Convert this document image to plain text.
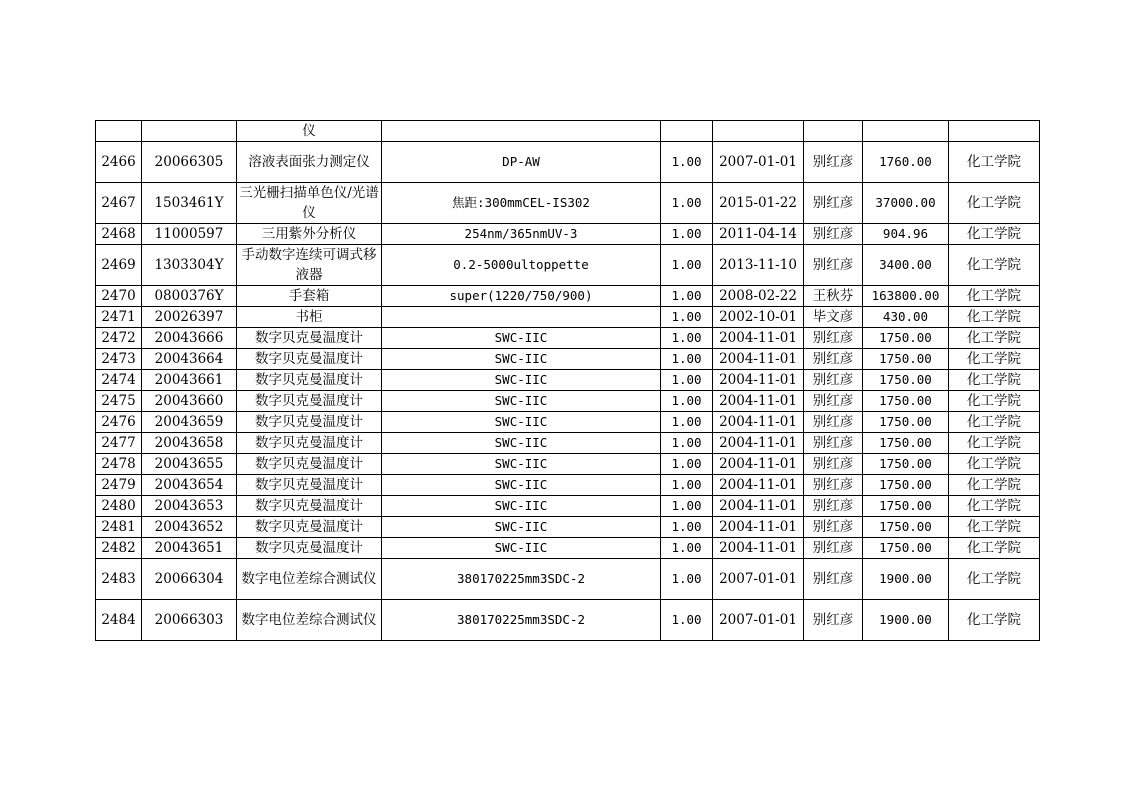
		仪						
2466	20066305	溶液表面张力测定仪	DP-AW	1.00	2007-01-01	别红彦	1760.00	化工学院
2467	1503461Y	三光栅扫描单色仪/光谱仪	焦距:300mmCEL-IS302	1.00	2015-01-22	别红彦	37000.00	化工学院
2468	11000597	三用紫外分析仪	254nm/365nmUV-3	1.00	2011-04-14	别红彦	904.96	化工学院
2469	1303304Y	手动数字连续可调式移液器	0.2-5000ultoppette	1.00	2013-11-10	别红彦	3400.00	化工学院
2470	0800376Y	手套箱	super(1220/750/900)	1.00	2008-02-22	王秋芬	163800.00	化工学院
2471	20026397	书柜		1.00	2002-10-01	毕文彦	430.00	化工学院
2472	20043666	数字贝克曼温度计	SWC-IIC	1.00	2004-11-01	别红彦	1750.00	化工学院
2473	20043664	数字贝克曼温度计	SWC-IIC	1.00	2004-11-01	别红彦	1750.00	化工学院
2474	20043661	数字贝克曼温度计	SWC-IIC	1.00	2004-11-01	别红彦	1750.00	化工学院
2475	20043660	数字贝克曼温度计	SWC-IIC	1.00	2004-11-01	别红彦	1750.00	化工学院
2476	20043659	数字贝克曼温度计	SWC-IIC	1.00	2004-11-01	别红彦	1750.00	化工学院
2477	20043658	数字贝克曼温度计	SWC-IIC	1.00	2004-11-01	别红彦	1750.00	化工学院
2478	20043655	数字贝克曼温度计	SWC-IIC	1.00	2004-11-01	别红彦	1750.00	化工学院
2479	20043654	数字贝克曼温度计	SWC-IIC	1.00	2004-11-01	别红彦	1750.00	化工学院
2480	20043653	数字贝克曼温度计	SWC-IIC	1.00	2004-11-01	别红彦	1750.00	化工学院
2481	20043652	数字贝克曼温度计	SWC-IIC	1.00	2004-11-01	别红彦	1750.00	化工学院
2482	20043651	数字贝克曼温度计	SWC-IIC	1.00	2004-11-01	别红彦	1750.00	化工学院
2483	20066304	数字电位差综合测试仪	380170225mm3SDC-2	1.00	2007-01-01	别红彦	1900.00	化工学院
2484	20066303	数字电位差综合测试仪	380170225mm3SDC-2	1.00	2007-01-01	别红彦	1900.00	化工学院
